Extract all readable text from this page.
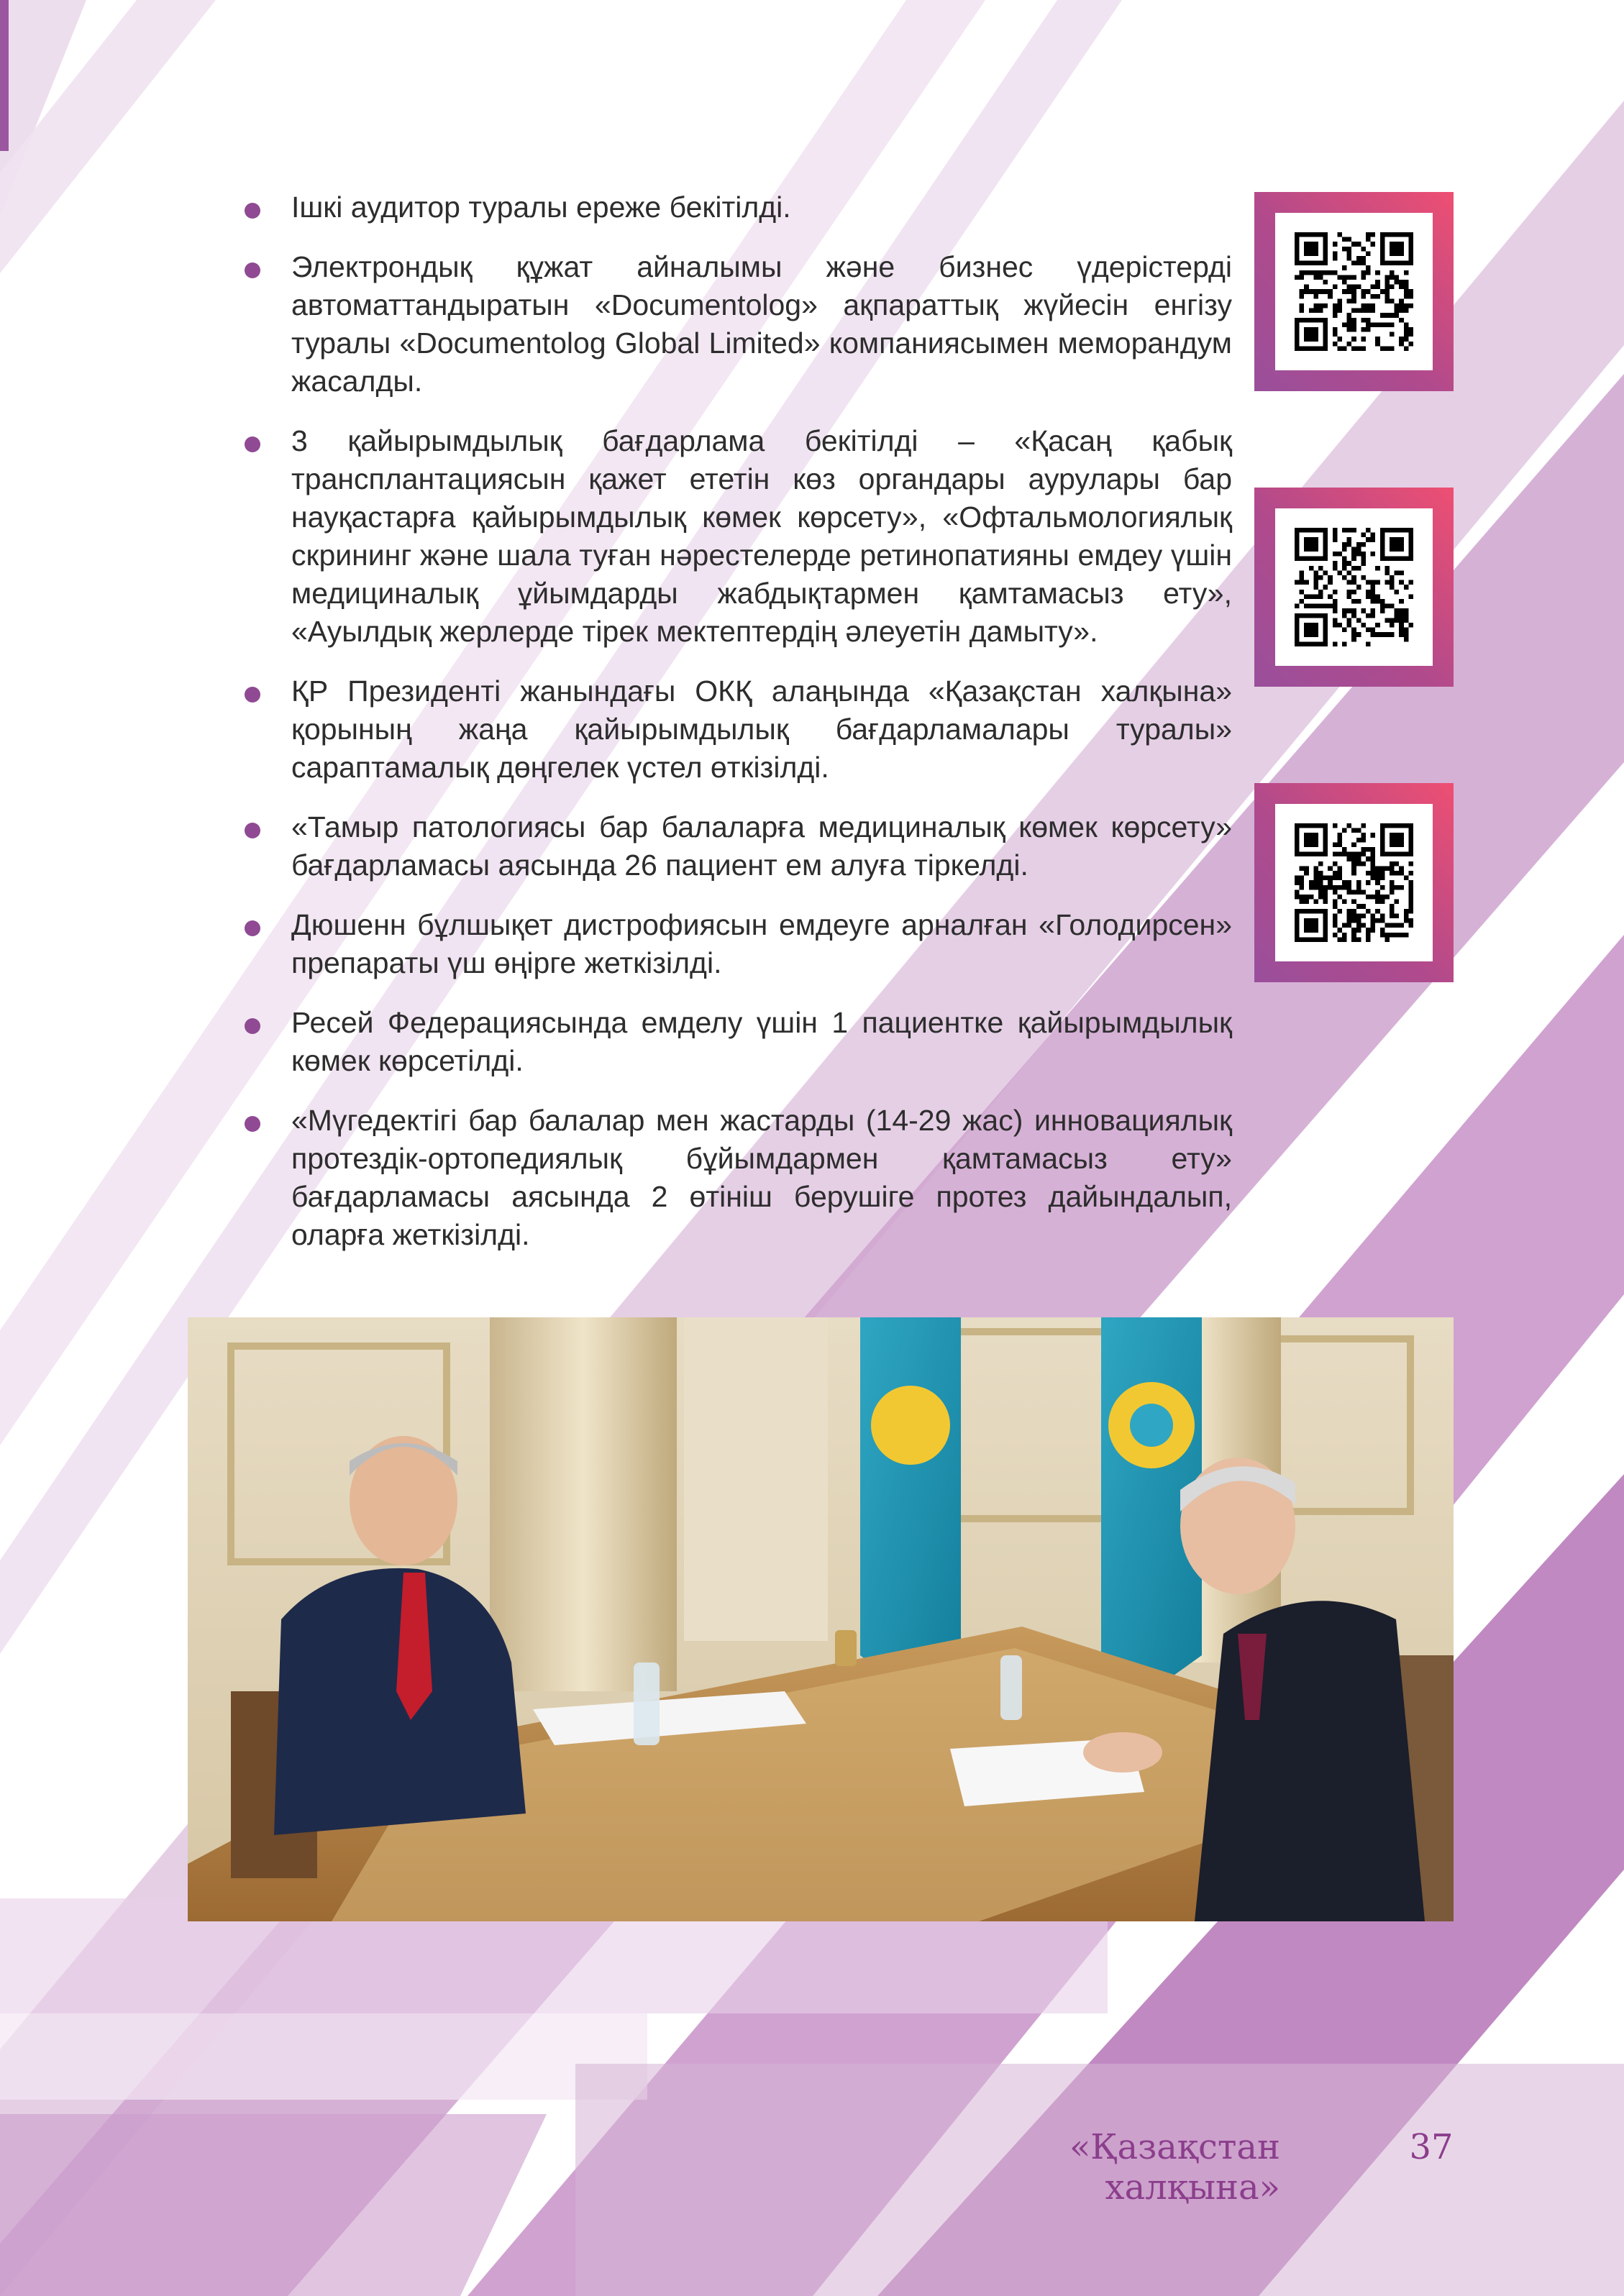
Ішкі аудитор туралы ереже бекітілді.
Электрондық құжат айналымы және бизнес үдерістерді автоматтандыратын «Documentolog» ақпараттық жүйесін енгізу туралы «Documentolog Global Limited» компаниясымен меморандум жасалды.
3 қайырымдылық бағдарлама бекітілді – «Қасаң қабық трансплантациясын қажет ететін көз органдары аурулары бар науқастарға қайырымдылық көмек көрсету», «Офтальмологиялық скрининг және шала туған нәрестелерде ретинопатияны емдеу үшін медициналық ұйымдарды жабдықтармен қамтамасыз ету», «Ауылдық жерлерде тірек мектептердің әлеуетін дамыту».
ҚР Президенті жанындағы ОКҚ алаңында «Қазақстан халқына» қорының жаңа қайырымдылық бағдарламалары туралы» сараптамалық дөңгелек үстел өткізілді.
«Тамыр патологиясы бар балаларға медициналық көмек көрсету» бағдарламасы аясында 26 пациент ем алуға тіркелді.
Дюшенн бұлшықет дистрофиясын емдеуге арналған «Голодирсен» препараты үш өңірге жеткізілді.
Ресей Федерациясында емделу үшін 1 пациентке қайырымдылық көмек көрсетілді.
«Мүгедектігі бар балалар мен жастарды (14-29 жас) инновациялық протездік-ортопедиялық бұйымдармен қамтамасыз ету» бағдарламасы аясында 2 өтініш берушіге протез дайындалып, оларға жеткізілді.
«Қазақстан халқына»
37
